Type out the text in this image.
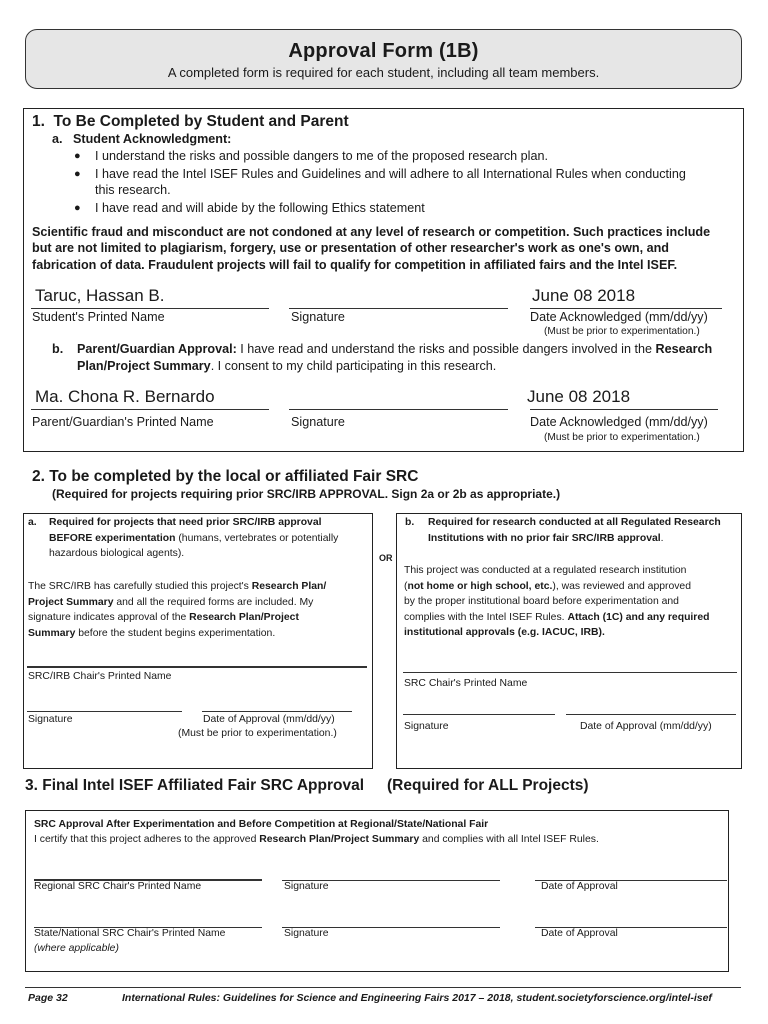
Approval Form (1B)
A completed form is required for each student, including all team members.
1.  To Be Completed by Student and Parent
a. Student Acknowledgment:
● I understand the risks and possible dangers to me of the proposed research plan.
● I have read the Intel ISEF Rules and Guidelines and will adhere to all International Rules when conducting
this research.
● I have read and will abide by the following Ethics statement
Scientific fraud and misconduct are not condoned at any level of research or competition. Such practices include
but are not limited to plagiarism, forgery, use or presentation of other researcher's work as one's own, and
fabrication of data. Fraudulent projects will fail to qualify for competition in affiliated fairs and the Intel ISEF.
Taruc, Hassan B.	June 08 2018
Student's Printed Name	Signature	Date Acknowledged (mm/dd/yy)
(Must be prior to experimentation.)
b. Parent/Guardian Approval: I have read and understand the risks and possible dangers involved in the Research
Plan/Project Summary. I consent to my child participating in this research.
Ma. Chona R. Bernardo	June 08 2018
Parent/Guardian's Printed Name	Signature	Date Acknowledged (mm/dd/yy)
(Must be prior to experimentation.)
2. To be completed by the local or affiliated Fair SRC
(Required for projects requiring prior SRC/IRB APPROVAL. Sign 2a or 2b as appropriate.)
OR
a. Required for projects that need prior SRC/IRB approval
BEFORE experimentation (humans, vertebrates or potentially
hazardous biological agents).
The SRC/IRB has carefully studied this project's Research Plan/
Project Summary and all the required forms are included. My
signature indicates approval of the Research Plan/Project
Summary before the student begins experimentation.
SRC/IRB Chair's Printed Name
Signature	Date of Approval (mm/dd/yy)
(Must be prior to experimentation.)
b. Required for research conducted at all Regulated Research
Institutions with no prior fair SRC/IRB approval.
This project was conducted at a regulated research institution
(not home or high school, etc.), was reviewed and approved
by the proper institutional board before experimentation and
complies with the Intel ISEF Rules. Attach (1C) and any required
institutional approvals (e.g. IACUC, IRB).
SRC Chair's Printed Name
Signature	Date of Approval (mm/dd/yy)
3. Final Intel ISEF Affiliated Fair SRC Approval (Required for ALL Projects)
SRC Approval After Experimentation and Before Competition at Regional/State/National Fair
I certify that this project adheres to the approved Research Plan/Project Summary and complies with all Intel ISEF Rules.
Regional SRC Chair's Printed Name	Signature	Date of Approval
State/National SRC Chair's Printed Name
(where applicable)
Signature	Date of Approval
Page 32	International Rules: Guidelines for Science and Engineering Fairs 2017 – 2018, student.societyforscience.org/intel-isef
